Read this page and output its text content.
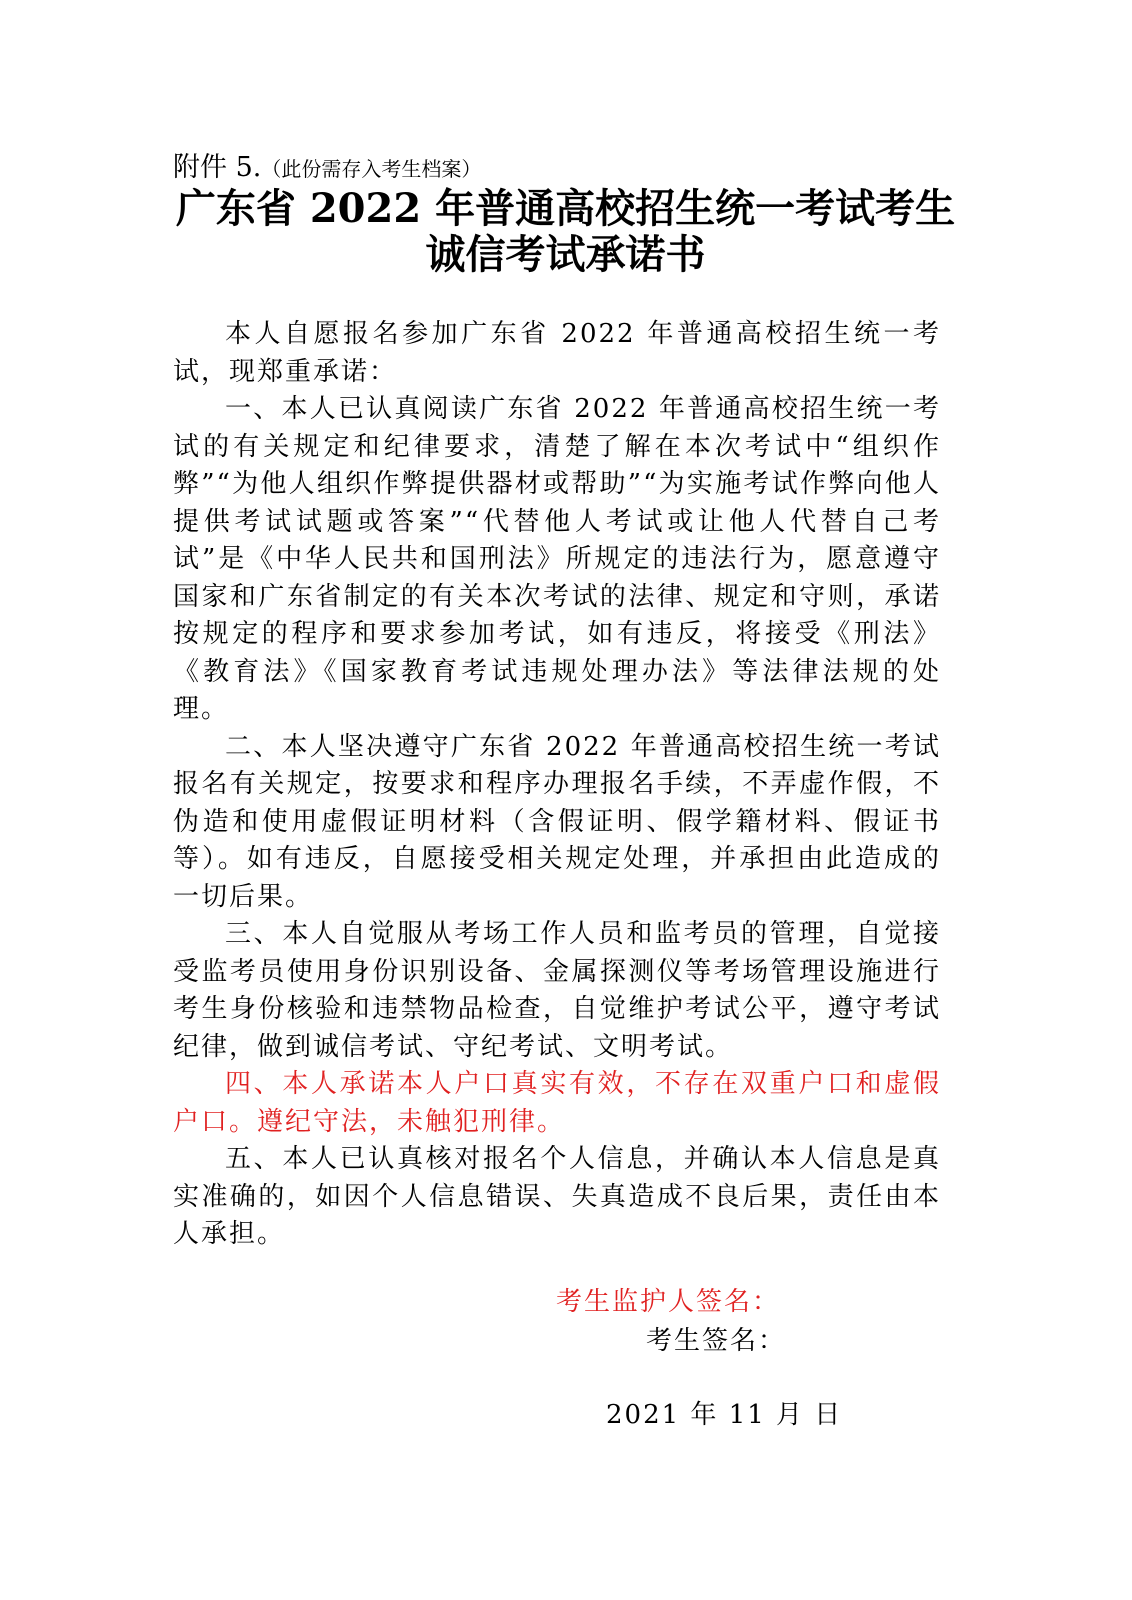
附件 5.（此份需存入考生档案）
广东省 2022 年普通高校招生统一考试考生
诚信考试承诺书

本人自愿报名参加广东省 2022 年普通高校招生统一考试，现郑重承诺：

一、本人已认真阅读广东省 2022 年普通高校招生统一考试的有关规定和纪律要求，清楚了解在本次考试中“组织作弊”“为他人组织作弊提供器材或帮助”“为实施考试作弊向他人提供考试试题或答案”“代替他人考试或让他人代替自己考试”是《中华人民共和国刑法》所规定的违法行为，愿意遵守国家和广东省制定的有关本次考试的法律、规定和守则，承诺按规定的程序和要求参加考试，如有违反，将接受《刑法》《教育法》《国家教育考试违规处理办法》等法律法规的处理。

二、本人坚决遵守广东省 2022 年普通高校招生统一考试报名有关规定，按要求和程序办理报名手续，不弄虚作假，不伪造和使用虚假证明材料（含假证明、假学籍材料、假证书等）。如有违反，自愿接受相关规定处理，并承担由此造成的一切后果。

三、本人自觉服从考场工作人员和监考员的管理，自觉接受监考员使用身份识别设备、金属探测仪等考场管理设施进行考生身份核验和违禁物品检查，自觉维护考试公平，遵守考试纪律，做到诚信考试、守纪考试、文明考试。

四、本人承诺本人户口真实有效，不存在双重户口和虚假户口。遵纪守法，未触犯刑律。

五、本人已认真核对报名个人信息，并确认本人信息是真实准确的，如因个人信息错误、失真造成不良后果，责任由本人承担。

考生监护人签名：
考生签名：
2021 年 11 月 日
